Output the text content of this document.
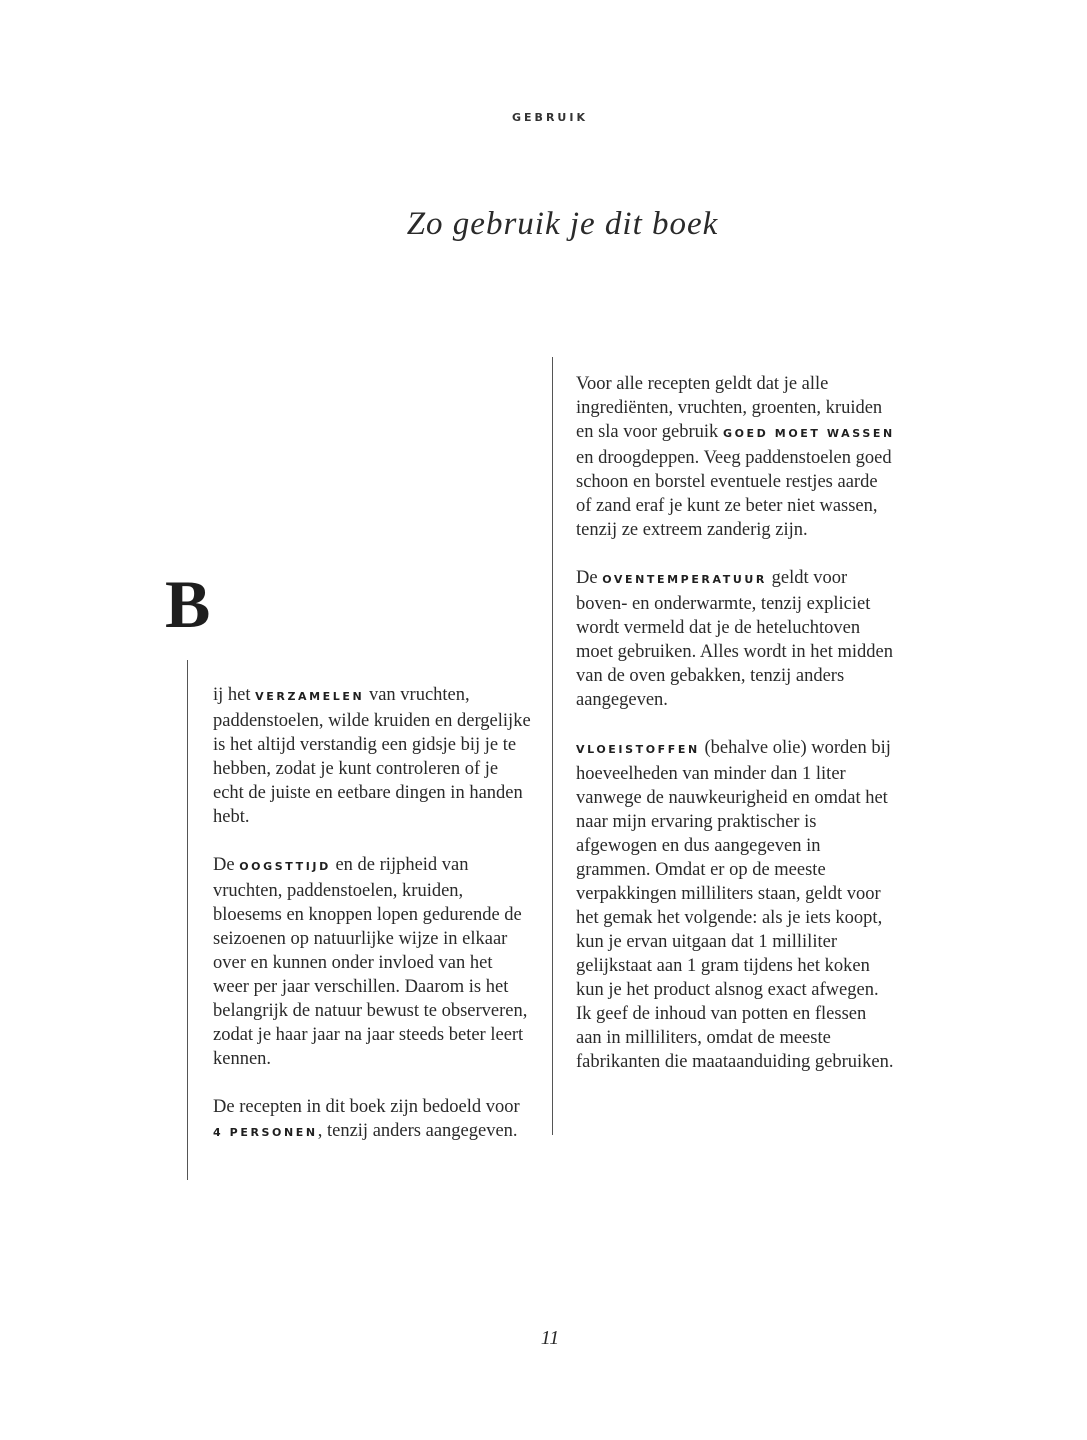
GEBRUIK
Zo gebruik je dit boek
B

ij het VERZAMELEN van vruchten, paddenstoelen, wilde kruiden en dergelijke is het altijd verstandig een gidsje bij je te hebben, zodat je kunt controleren of je echt de juiste en eetbare dingen in handen hebt.

De OOGSTTIJD en de rijpheid van vruchten, paddenstoelen, kruiden, bloesems en knoppen lopen gedurende de seizoenen op natuurlijke wijze in elkaar over en kunnen onder invloed van het weer per jaar verschillen. Daarom is het belangrijk de natuur bewust te observeren, zodat je haar jaar na jaar steeds beter leert kennen.

De recepten in dit boek zijn bedoeld voor 4 PERSONEN, tenzij anders aangegeven.

Voor alle recepten geldt dat je alle ingrediënten, vruchten, groenten, kruiden en sla voor gebruik GOED MOET WASSEN en droogdeppen. Veeg paddenstoelen goed schoon en borstel eventuele restjes aarde of zand eraf je kunt ze beter niet wassen, tenzij ze extreem zanderig zijn.

De OVENTEMPERATUUR geldt voor boven- en onderwarmte, tenzij expliciet wordt vermeld dat je de heteluchtoven moet gebruiken. Alles wordt in het midden van de oven gebakken, tenzij anders aangegeven.

VLOEISTOFFEN (behalve olie) worden bij hoeveelheden van minder dan 1 liter vanwege de nauwkeurigheid en omdat het naar mijn ervaring praktischer is afgewogen en dus aangegeven in grammen. Omdat er op de meeste verpakkingen milliliters staan, geldt voor het gemak het volgende: als je iets koopt, kun je ervan uitgaan dat 1 milliliter gelijkstaat aan 1 gram tijdens het koken kun je het product alsnog exact afwegen. Ik geef de inhoud van potten en flessen aan in milliliters, omdat de meeste fabrikanten die maataanduiding gebruiken.

11
